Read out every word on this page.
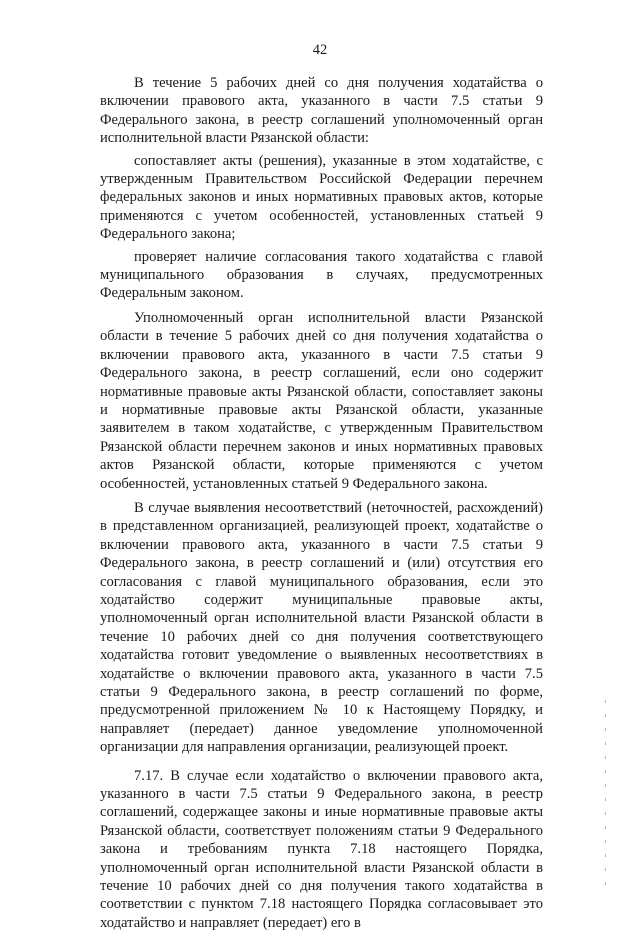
42

В течение 5 рабочих дней со дня получения ходатайства о включении правового акта, указанного в части 7.5 статьи 9 Федерального закона, в реестр соглашений уполномоченный орган исполнительной власти Рязанской области:

сопоставляет акты (решения), указанные в этом ходатайстве, с утвержденным Правительством Российской Федерации перечнем федеральных законов и иных нормативных правовых актов, которые применяются с учетом особенностей, установленных статьей 9 Федерального закона;

проверяет наличие согласования такого ходатайства с главой муниципального образования в случаях, предусмотренных Федеральным законом.

Уполномоченный орган исполнительной власти Рязанской области в течение 5 рабочих дней со дня получения ходатайства о включении правового акта, указанного в части 7.5 статьи 9 Федерального закона, в реестр соглашений, если оно содержит нормативные правовые акты Рязанской области, сопоставляет законы и нормативные правовые акты Рязанской области, указанные заявителем в таком ходатайстве, с утвержденным Правительством Рязанской области перечнем законов и иных нормативных правовых актов Рязанской области, которые применяются с учетом особенностей, установленных статьей 9 Федерального закона.

В случае выявления несоответствий (неточностей, расхождений) в представленном организацией, реализующей проект, ходатайстве о включении правового акта, указанного в части 7.5 статьи 9 Федерального закона, в реестр соглашений и (или) отсутствия его согласования с главой муниципального образования, если это ходатайство содержит муниципальные правовые акты, уполномоченный орган исполнительной власти Рязанской области в течение 10 рабочих дней со дня получения соответствующего ходатайства готовит уведомление о выявленных несоответствиях в ходатайстве о включении правового акта, указанного в части 7.5 статьи 9 Федерального закона, в реестр соглашений по форме, предусмотренной приложением № 10 к Настоящему Порядку, и направляет (передает) данное уведомление уполномоченной организации для направления организации, реализующей проект.

7.17. В случае если ходатайство о включении правового акта, указанного в части 7.5 статьи 9 Федерального закона, в реестр соглашений, содержащее законы и иные нормативные правовые акты Рязанской области, соответствует положениям статьи 9 Федерального закона и требованиям пункта 7.18 настоящего Порядка, уполномоченный орган исполнительной власти Рязанской области в течение 10 рабочих дней со дня получения такого ходатайства в соответствии с пунктом 7.18 настоящего Порядка согласовывает это ходатайство и направляет (передает) его в
